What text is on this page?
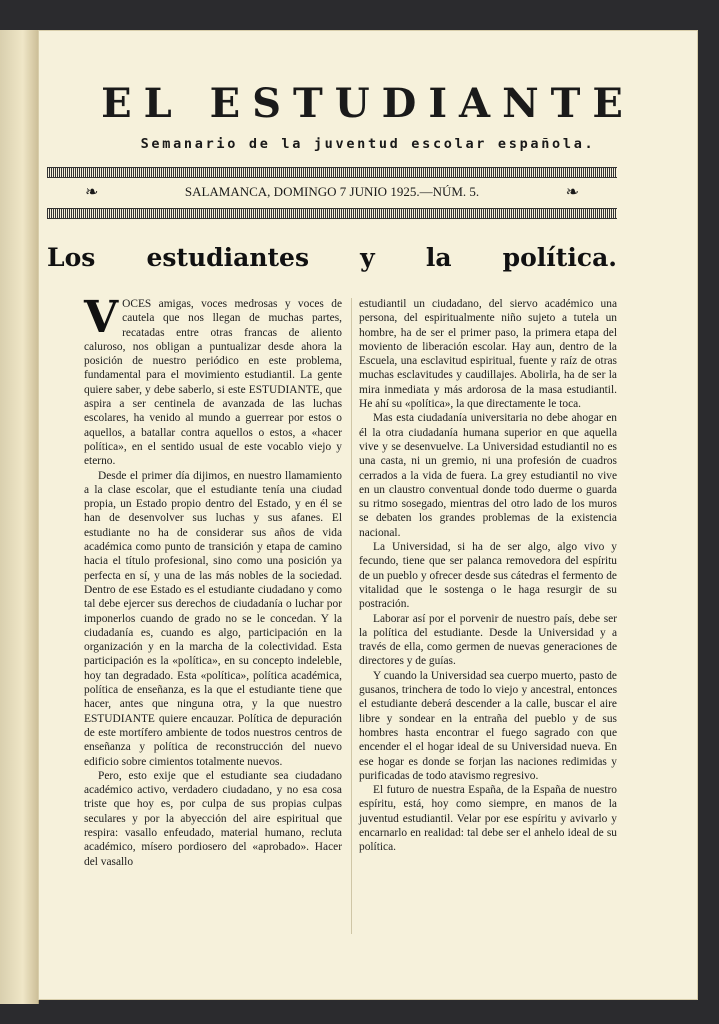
EL ESTUDIANTE
Semanario de la juventud escolar española.
❧	SALAMANCA, DOMINGO 7 JUNIO 1925.—NÚM. 5.	❧
Los estudiantes y la política.

VOCES amigas, voces medrosas y voces de cautela que nos llegan de muchas partes, recatadas entre otras francas de aliento caluroso, nos obligan a puntualizar desde ahora la posición de nuestro periódico en este problema, fundamental para el movimiento estudiantil. La gente quiere saber, y debe saberlo, si este ESTUDIANTE, que aspira a ser centinela de avanzada de las luchas escolares, ha venido al mundo a guerrear por estos o aquellos, a batallar contra aquellos o estos, a «hacer política», en el sentido usual de este vocablo viejo y eterno.

Desde el primer día dijimos, en nuestro llamamiento a la clase escolar, que el estudiante tenía una ciudad propia, un Estado propio dentro del Estado, y en él se han de desenvolver sus luchas y sus afanes. El estudiante no ha de considerar sus años de vida académica como punto de transición y etapa de camino hacia el título profesional, sino como una posición ya perfecta en sí, y una de las más nobles de la sociedad. Dentro de ese Estado es el estudiante ciudadano y como tal debe ejercer sus derechos de ciudadanía o luchar por imponerlos cuando de grado no se le concedan. Y la ciudadanía es, cuando es algo, participación en la organización y en la marcha de la colectividad. Esta participación es la «política», en su concepto indeleble, hoy tan degradado. Esta «política», política académica, política de enseñanza, es la que el estudiante tiene que hacer, antes que ninguna otra, y la que nuestro ESTUDIANTE quiere encauzar. Política de depuración de este mortífero ambiente de todos nuestros centros de enseñanza y política de reconstrucción del nuevo edificio sobre cimientos totalmente nuevos.

Pero, esto exije que el estudiante sea ciudadano académico activo, verdadero ciudadano, y no esa cosa triste que hoy es, por culpa de sus propias culpas seculares y por la abyección del aire espiritual que respira: vasallo enfeudado, material humano, recluta académico, mísero pordiosero del «aprobado». Hacer del vasallo

estudiantil un ciudadano, del siervo académico una persona, del espiritualmente niño sujeto a tutela un hombre, ha de ser el primer paso, la primera etapa del moviento de liberación escolar. Hay aun, dentro de la Escuela, una esclavitud espiritual, fuente y raíz de otras muchas esclavitudes y caudillajes. Abolirla, ha de ser la mira inmediata y más ardorosa de la masa estudiantil. He ahí su «política», la que directamente le toca.

Mas esta ciudadanía universitaria no debe ahogar en él la otra ciudadanía humana superior en que aquella vive y se desenvuelve. La Universidad estudiantil no es una casta, ni un gremio, ni una profesión de cuadros cerrados a la vida de fuera. La grey estudiantil no vive en un claustro conventual donde todo duerme o guarda su ritmo sosegado, mientras del otro lado de los muros se debaten los grandes problemas de la existencia nacional.

La Universidad, si ha de ser algo, algo vivo y fecundo, tiene que ser palanca removedora del espíritu de un pueblo y ofrecer desde sus cátedras el fermento de vitalidad que le sostenga o le haga resurgir de su postración.

Laborar así por el porvenir de nuestro país, debe ser la política del estudiante. Desde la Universidad y a través de ella, como germen de nuevas generaciones de directores y de guías.

Y cuando la Universidad sea cuerpo muerto, pasto de gusanos, trinchera de todo lo viejo y ancestral, entonces el estudiante deberá descender a la calle, buscar el aire libre y sondear en la entraña del pueblo y de sus hombres hasta encontrar el fuego sagrado con que encender el el hogar ideal de su Universidad nueva. En ese hogar es donde se forjan las naciones redimidas y purificadas de todo atavismo regresivo.

El futuro de nuestra España, de la España de nuestro espíritu, está, hoy como siempre, en manos de la juventud estudiantil. Velar por ese espíritu y avivarlo y encarnarlo en realidad: tal debe ser el anhelo ideal de su política.
